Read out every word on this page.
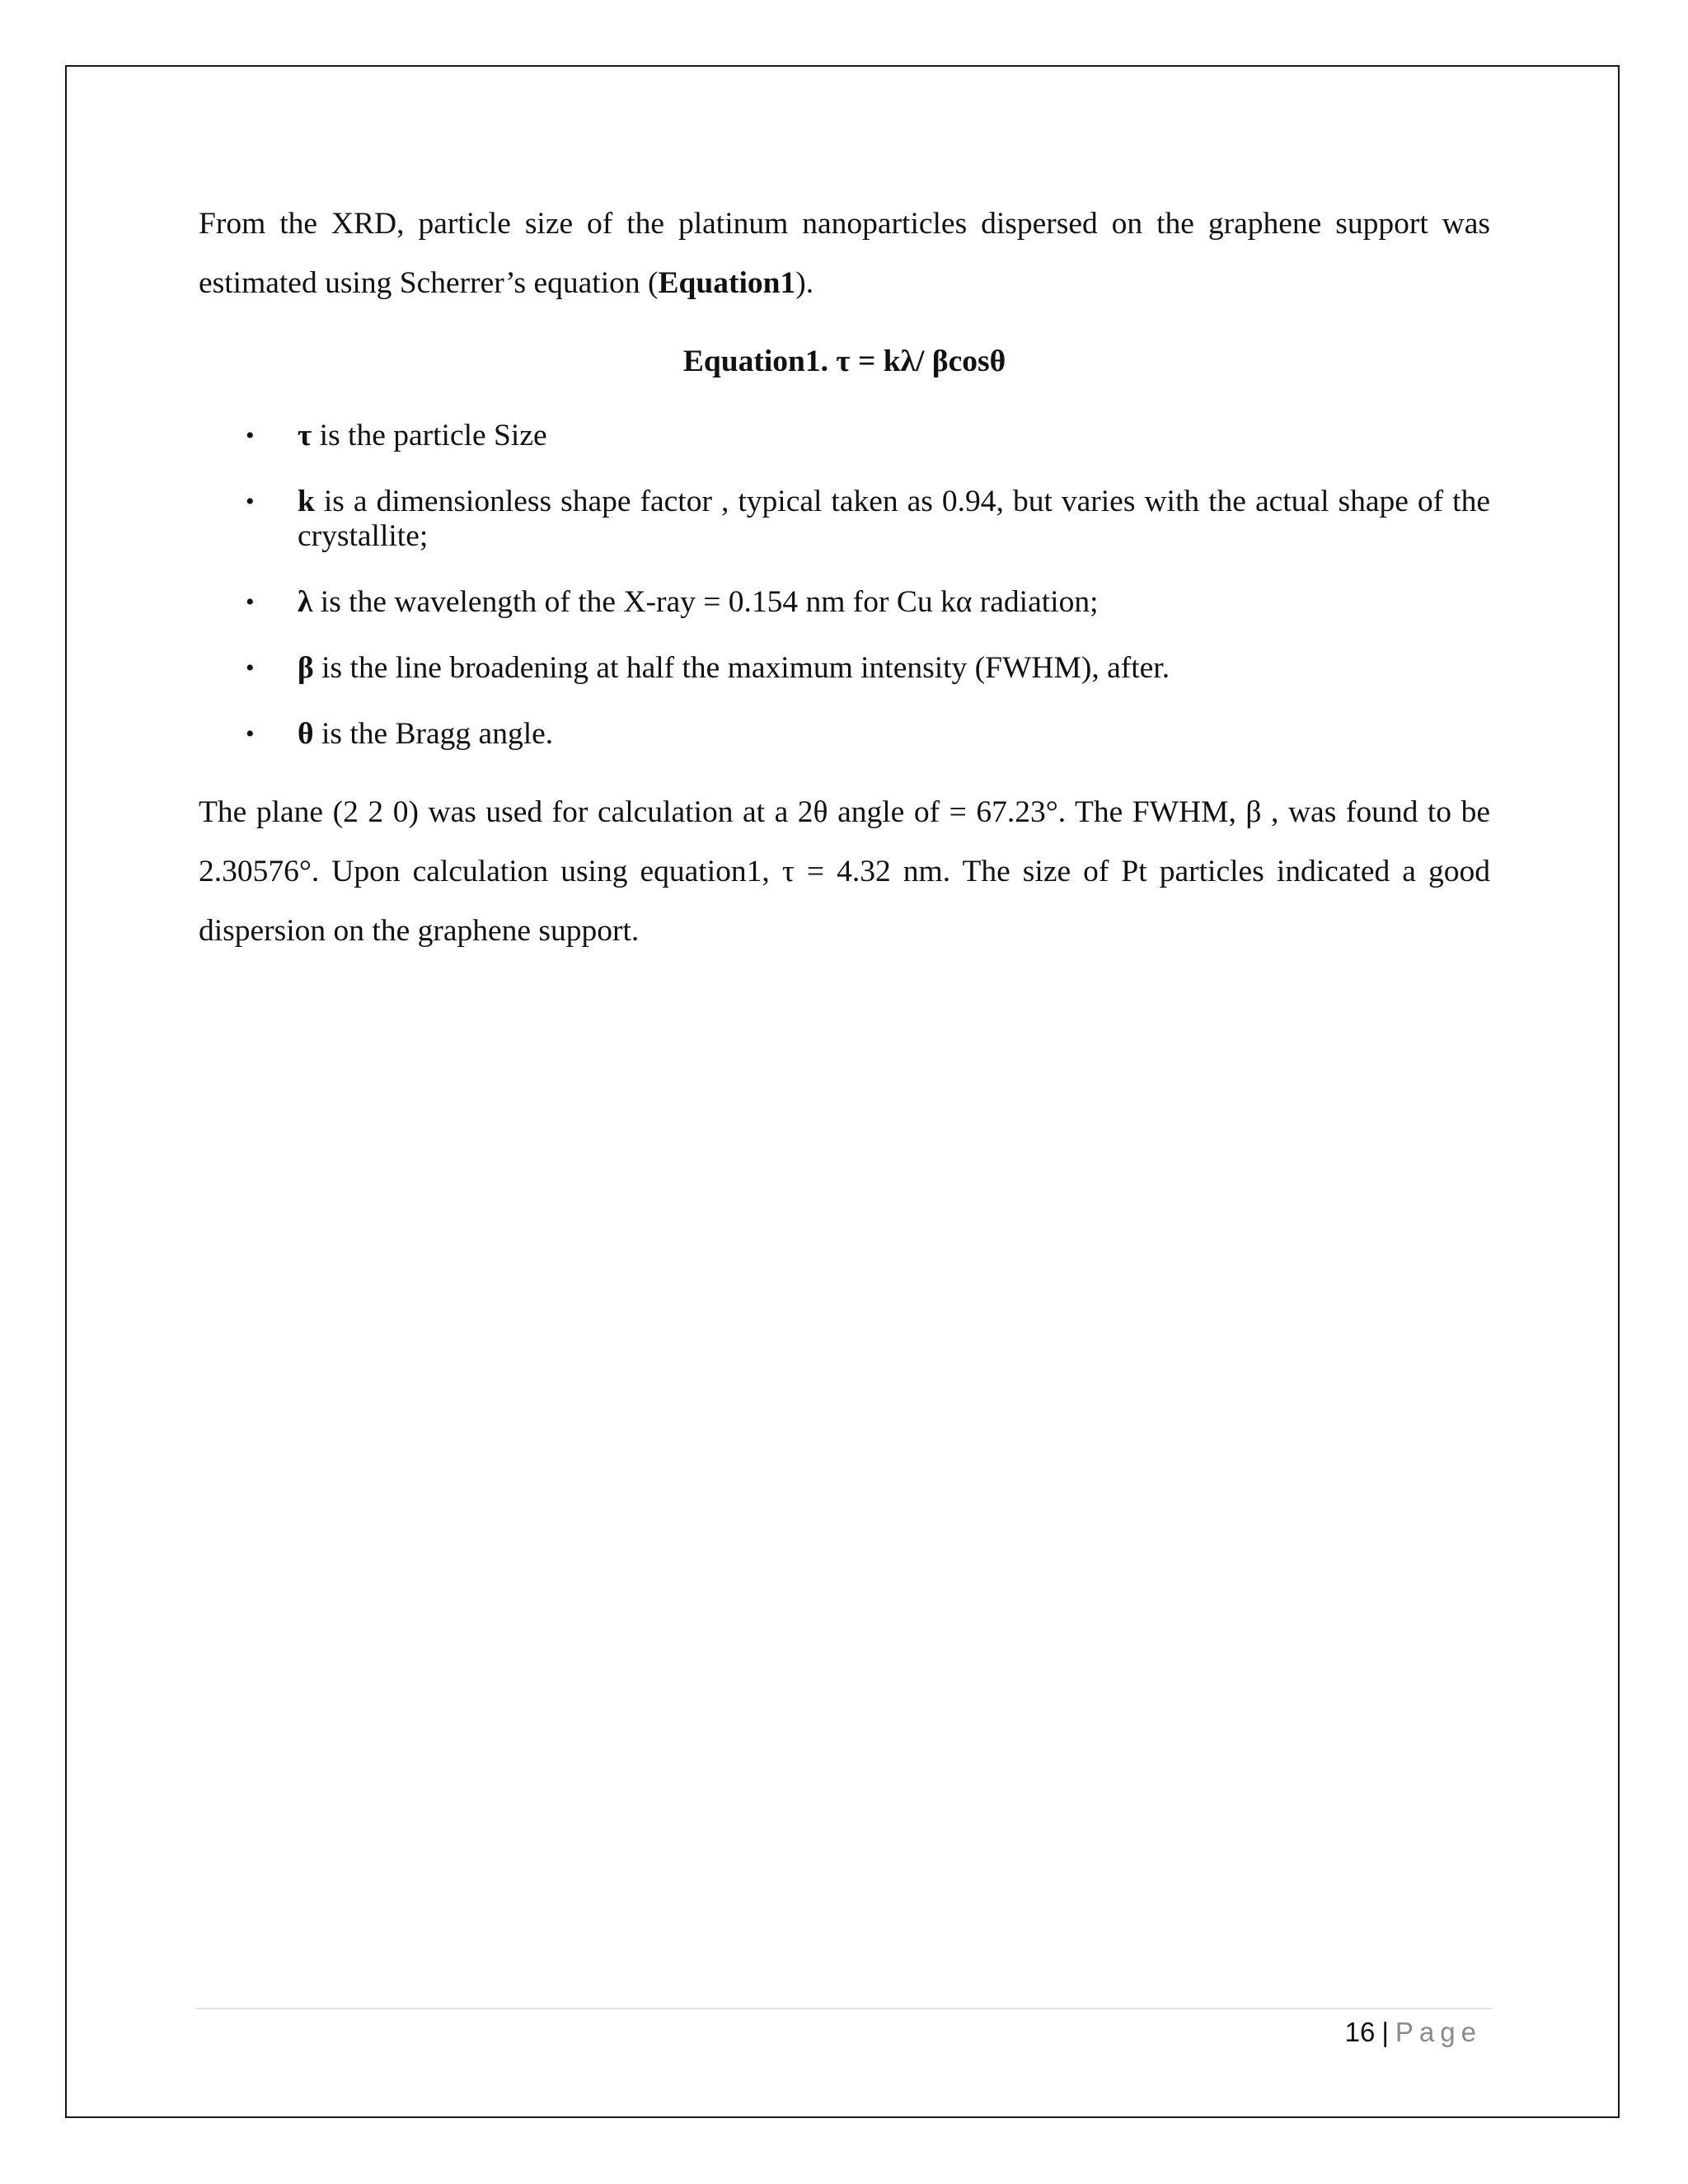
From the XRD, particle size of the platinum nanoparticles dispersed on the graphene support was estimated using Scherrer’s equation (Equation1).

Equation1. τ = kλ/ βcosθ
• τ is the particle Size
• k is a dimensionless shape factor , typical taken as 0.94, but varies with the actual shape of the crystallite;
• λ is the wavelength of the X-ray = 0.154 nm for Cu kα radiation;
• β is the line broadening at half the maximum intensity (FWHM), after.
• θ is the Bragg angle.

The plane (2 2 0) was used for calculation at a 2θ angle of = 67.23°. The FWHM, β , was found to be 2.30576°. Upon calculation using equation1, τ = 4.32 nm. The size of Pt particles indicated a good dispersion on the graphene support.

16 | Page
